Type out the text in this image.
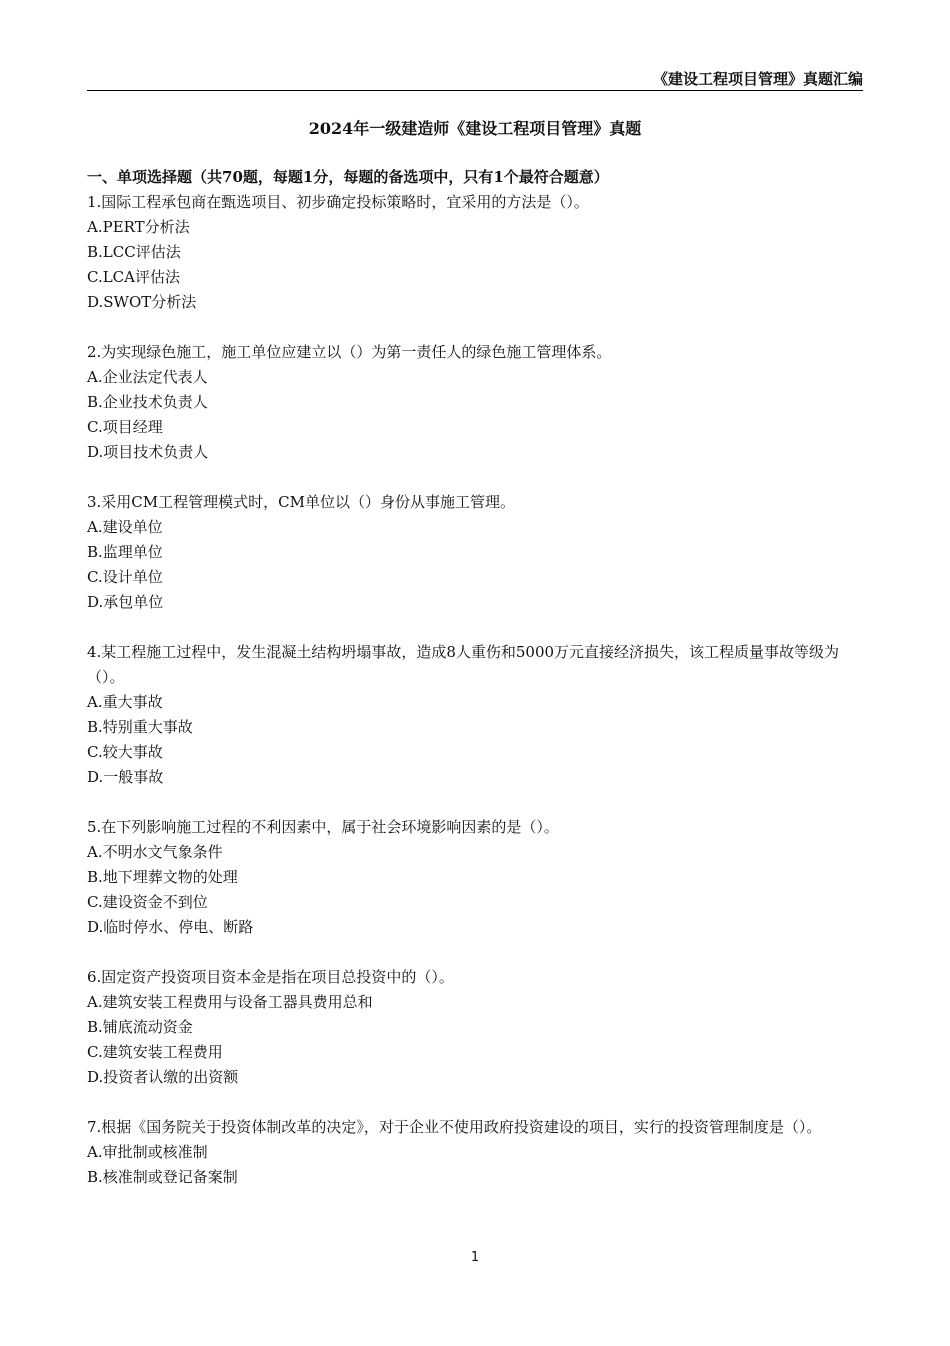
《建设工程项目管理》真题汇编
2024年一级建造师《建设工程项目管理》真题
一、单项选择题（共70题，每题1分，每题的备选项中，只有1个最符合题意）

1.国际工程承包商在甄选项目、初步确定投标策略时，宜采用的方法是（）。

A.PERT分析法

B.LCC评估法

C.LCA评估法

D.SWOT分析法

2.为实现绿色施工，施工单位应建立以（）为第一责任人的绿色施工管理体系。

A.企业法定代表人

B.企业技术负责人

C.项目经理

D.项目技术负责人

3.采用CM工程管理模式时，CM单位以（）身份从事施工管理。

A.建设单位

B.监理单位

C.设计单位

D.承包单位

4.某工程施工过程中，发生混凝土结构坍塌事故，造成8人重伤和5000万元直接经济损失，该工程质量事故等级为（）。

A.重大事故

B.特别重大事故

C.较大事故

D.一般事故

5.在下列影响施工过程的不利因素中，属于社会环境影响因素的是（）。

A.不明水文气象条件

B.地下埋葬文物的处理

C.建设资金不到位

D.临时停水、停电、断路

6.固定资产投资项目资本金是指在项目总投资中的（）。

A.建筑安装工程费用与设备工器具费用总和

B.铺底流动资金

C.建筑安装工程费用

D.投资者认缴的出资额

7.根据《国务院关于投资体制改革的决定》，对于企业不使用政府投资建设的项目，实行的投资管理制度是（）。

A.审批制或核准制

B.核准制或登记备案制

1
